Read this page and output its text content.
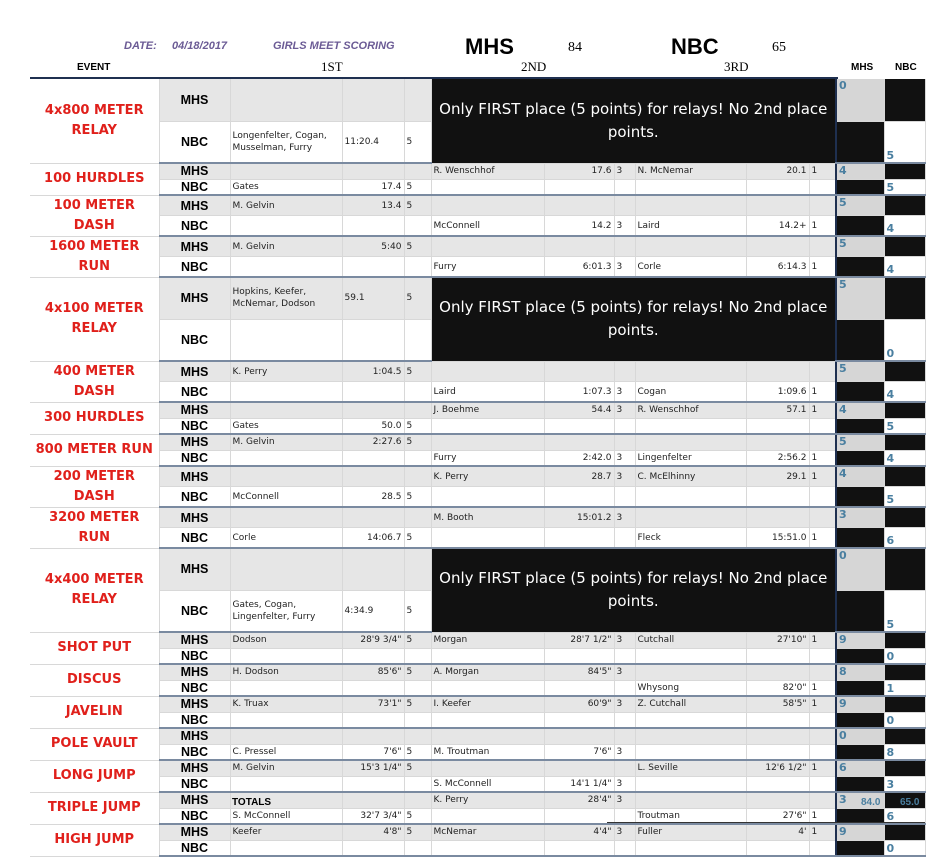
DATE: 04/18/2017	GIRLS MEET SCORING	MHS	84	NBC	65
EVENT	1ST	2ND	3RD	MHS NBC
4x800 METER RELAY	MHS				Only FIRST place (5 points) for relays! No 2nd place points.						0	
	NBC	Longenfelter, Cogan, Musselman, Furry	11:20.4	5								5
100 HURDLES	MHS				R. Wenschhof	17.6	3	N. McNemar	20.1	1	4	
	NBC	Gates	17.4	5								5
100 METER DASH	MHS	M. Gelvin	13.4	5							5	
	NBC				McConnell	14.2	3	Laird	14.2+	1		4
1600 METER RUN	MHS	M. Gelvin	5:40	5							5	
	NBC				Furry	6:01.3	3	Corle	6:14.3	1		4
4x100 METER RELAY	MHS	Hopkins, Keefer, McNemar, Dodson	59.1	5	Only FIRST place (5 points) for relays! No 2nd place points.						5	
	NBC											0
400 METER DASH	MHS	K. Perry	1:04.5	5							5	
	NBC				Laird	1:07.3	3	Cogan	1:09.6	1		4
300 HURDLES	MHS				J. Boehme	54.4	3	R. Wenschhof	57.1	1	4	
	NBC	Gates	50.0	5								5
800 METER RUN	MHS	M. Gelvin	2:27.6	5							5	
	NBC				Furry	2:42.0	3	Lingenfelter	2:56.2	1		4
200 METER DASH	MHS				K. Perry	28.7	3	C. McElhinny	29.1	1	4	
	NBC	McConnell	28.5	5								5
3200 METER RUN	MHS				M. Booth	15:01.2	3				3	
	NBC	Corle	14:06.7	5				Fleck	15:51.0	1		6
4x400 METER RELAY	MHS				Only FIRST place (5 points) for relays! No 2nd place points.						0	
	NBC	Gates, Cogan, Lingenfelter, Furry	4:34.9	5								5
SHOT PUT	MHS	Dodson	28'9 3/4"	5	Morgan	28'7 1/2"	3	Cutchall	27'10"	1	9	
	NBC											0
DISCUS	MHS	H. Dodson	85'6"	5	A. Morgan	84'5"	3				8	
	NBC							Whysong	82'0"	1		1
JAVELIN	MHS	K. Truax	73'1"	5	I. Keefer	60'9"	3	Z. Cutchall	58'5"	1	9	
	NBC											0
POLE VAULT	MHS										0	
	NBC	C. Pressel	7'6"	5	M. Troutman	7'6"	3					8
LONG JUMP	MHS	M. Gelvin	15'3 1/4"	5				L. Seville	12'6 1/2"	1	6	
	NBC				S. McConnell	14'1 1/4"	3					3
TRIPLE JUMP	MHS				K. Perry	28'4"	3				3	
	NBC	S. McConnell	32'7 3/4"	5				Troutman	27'6"	1		6
HIGH JUMP	MHS	Keefer	4'8"	5	McNemar	4'4"	3	Fuller	4'	1	9	
	NBC											0
TOTALS	84.0 65.0
